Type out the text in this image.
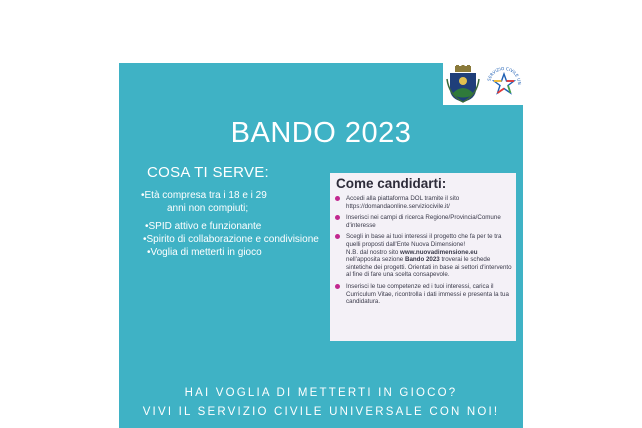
SERVIZIO CIVILE UN
BANDO 2023
COSA TI SERVE:
•Età compresa tra i 18 e i 29
anni non compiuti;
•SPID attivo e funzionante
•Spirito di collaborazione e condivisione
•Voglia di metterti in gioco
Come candidarti:
Accedi alla piattaforma DOL tramite il sito https://domandaonline.serviziocivile.it/
Inserisci nei campi di ricerca Regione/Provincia/Comune d'interesse
Scegli in base ai tuoi interessi il progetto che fa per te tra quelli proposti dall'Ente Nuova Dimensione!
N.B. dal nostro sito www.nuovadimensione.eu nell'apposita sezione Bando 2023 troverai le schede sintetiche dei progetti. Orientati in base ai settori d'intervento al fine di fare una scelta consapevole.
Inserisci le tue competenze ed i tuoi interessi, carica il Curriculum Vitae, ricontrolla i dati immessi e presenta la tua candidatura.
HAI VOGLIA DI METTERTI IN GIOCO?
VIVI IL SERVIZIO CIVILE UNIVERSALE CON NOI!
